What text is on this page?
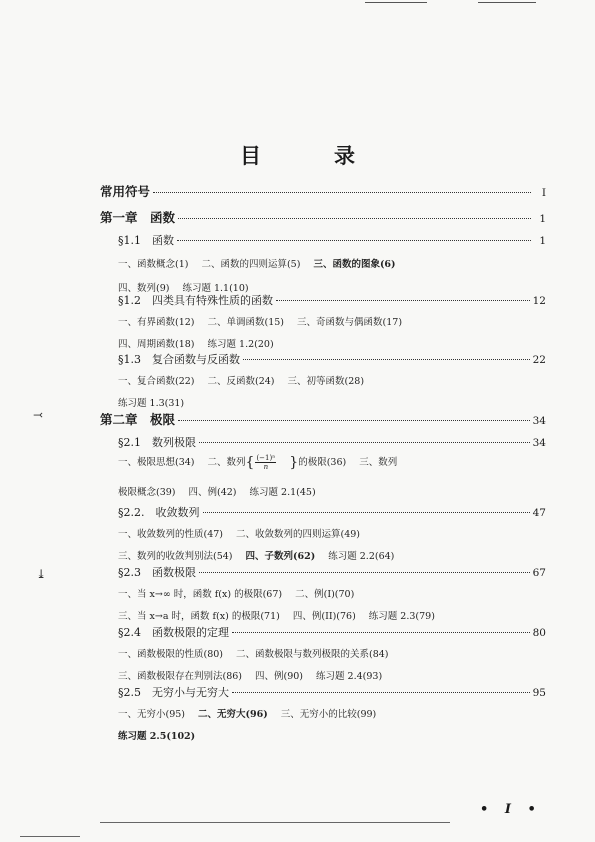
目　录
⤙
⤓
常用符号	I
第一章　函数	1
§1.1　函数	1
一、函数概念(1) 二、函数的四则运算(5) 三、函数的图象(6)
四、数列(9) 练习题 1.1(10)
§1.2　四类具有特殊性质的函数	12
一、有界函数(12) 二、单调函数(15) 三、奇函数与偶函数(17)
四、周期函数(18) 练习题 1.2(20)
§1.3　复合函数与反函数	22
一、复合函数(22) 二、反函数(24) 三、初等函数(28)
练习题 1.3(31)
第二章　极限	34
§2.1　数列极限	34
一、极限思想(34) 二、数列{ $\frac{\text{(−1)ⁿ}}{n}$ }的极限(36) 三、数列
极限概念(39) 四、例(42) 练习题 2.1(45)
§2.2.　收敛数列	47
一、收敛数列的性质(47) 二、收敛数列的四则运算(49)
三、数列的收敛判别法(54) 四、子数列(62) 练习题 2.2(64)
§2.3　函数极限	67
一、当 x→∞ 时，函数 f(x) 的极限(67) 二、例(I)(70)
三、当 x→a 时，函数 f(x) 的极限(71) 四、例(II)(76) 练习题 2.3(79)
§2.4　函数极限的定理	80
一、函数极限的性质(80) 二、函数极限与数列极限的关系(84)
三、函数极限存在判别法(86) 四、例(90) 练习题 2.4(93)
§2.5　无穷小与无穷大	95
一、无穷小(95) 二、无穷大(96) 三、无穷小的比较(99)
练习题 2.5(102)
• I •
